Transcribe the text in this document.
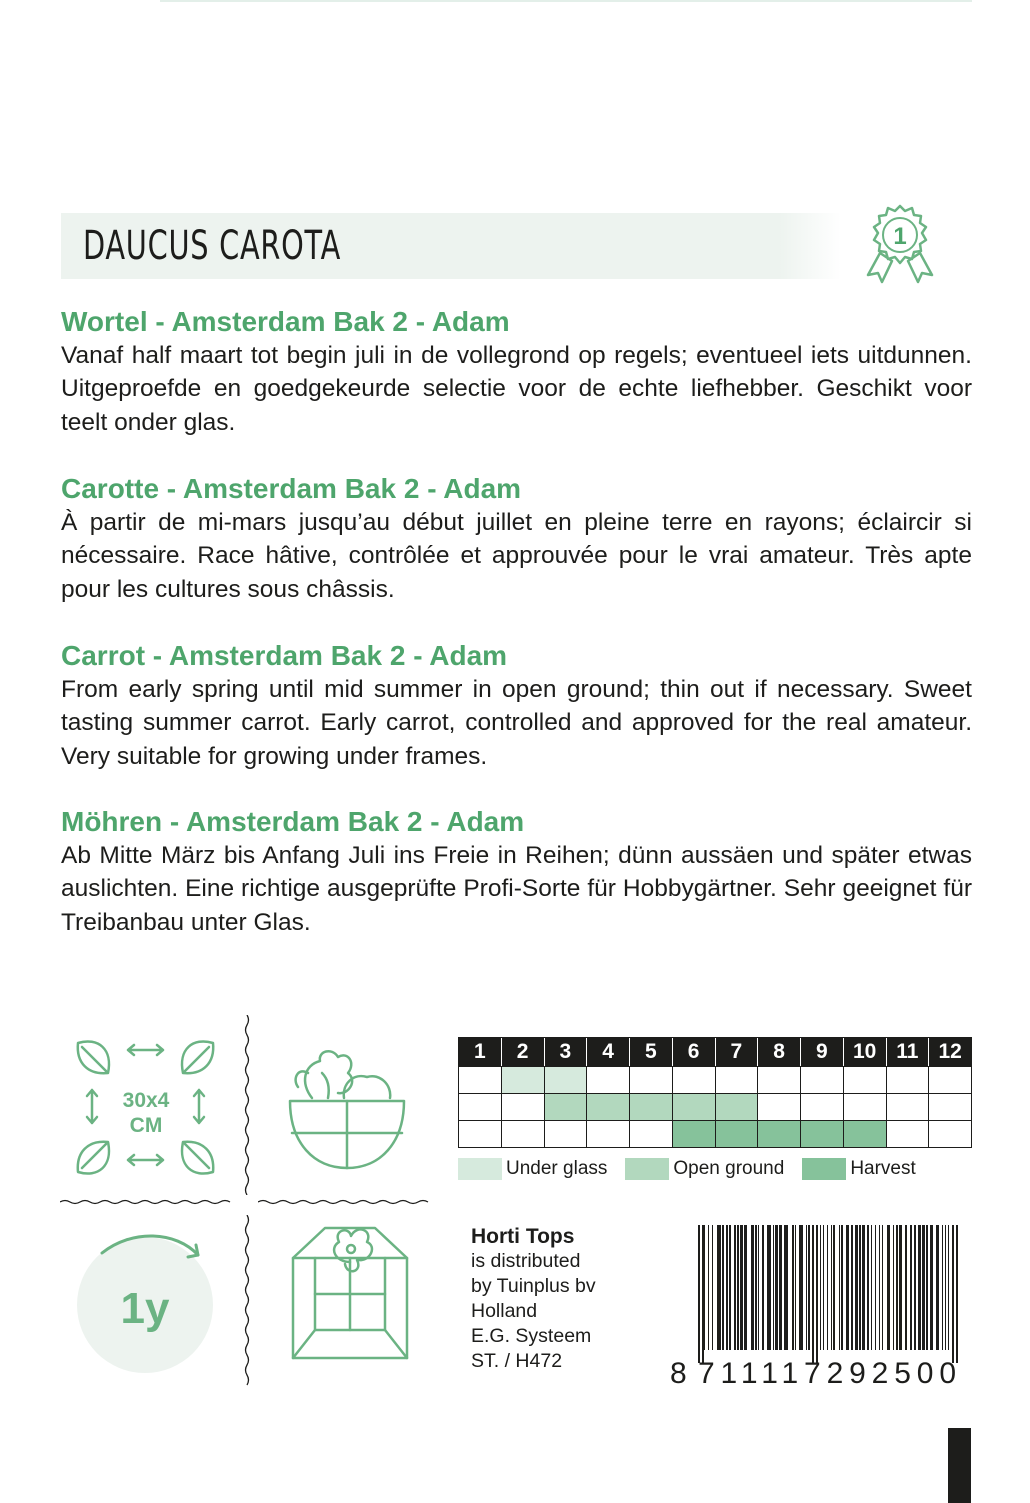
DAUCUS CAROTA	1
Wortel - Amsterdam Bak 2 - Adam

Vanaf half maart tot begin juli in de vollegrond op regels; eventueel iets uitdunnen. Uitgeproefde en goedgekeurde selectie voor de echte liefhebber. Geschikt voor teelt onder glas.

Carotte - Amsterdam Bak 2 - Adam

À partir de mi-mars jusqu’au début juillet en pleine terre en rayons; éclaircir si nécessaire. Race hâtive, contrôlée et approuvée pour le vrai amateur. Très apte pour les cultures sous châssis.

Carrot - Amsterdam Bak 2 - Adam

From early spring until mid summer in open ground; thin out if necessary. Sweet tasting summer carrot. Early carrot, controlled and approved for the real amateur. Very suitable for growing under frames.

Möhren - Amsterdam Bak 2 - Adam

Ab Mitte März bis Anfang Juli ins Freie in Reihen; dünn aussäen und später etwas auslichten. Eine richtige ausgeprüfte Profi-Sorte für Hobbygärtner. Sehr geeignet für Treibanbau unter Glas.

30x4
CM
1y
1	2	3	4	5	6	7	8	9	10 11 12
Under glass	Open ground	Harvest
Horti Tops
is distributed
by Tuinplus bv
Holland
E.G. Systeem
ST. / H472	8 711117292500
